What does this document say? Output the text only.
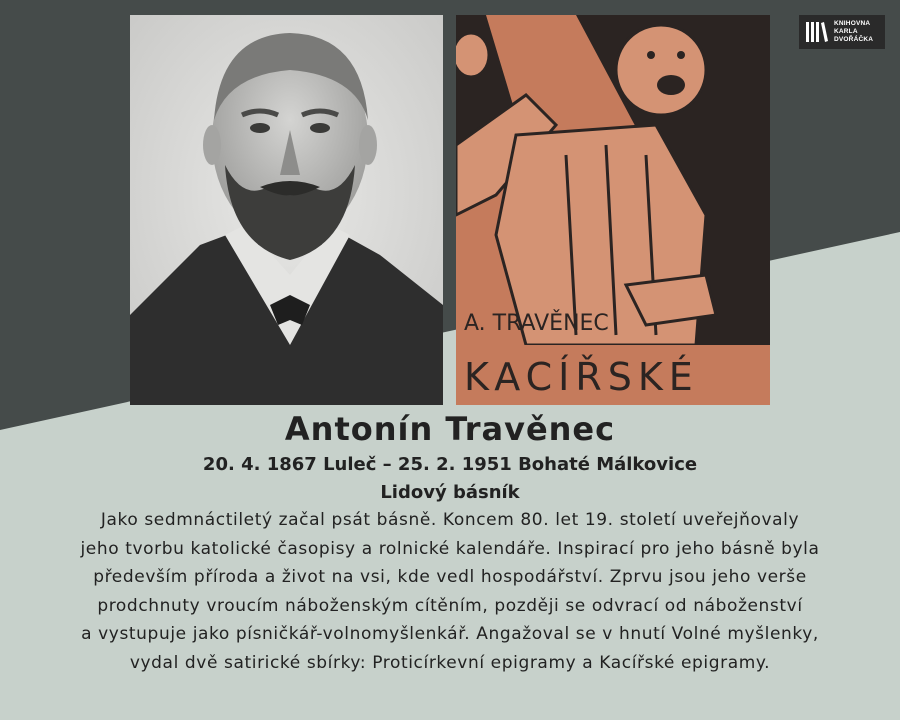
A. TRAVĚNEC
KACÍŘSKÉ
KNIHOVNA
KARLA
DVOŘÁČKA
Antonín Travěnec
20. 4. 1867 Luleč – 25. 2. 1951 Bohaté Málkovice
Lidový básník
Jako sedmnáctiletý začal psát básně. Koncem 80. let 19. století uveřejňovaly
jeho tvorbu katolické časopisy a rolnické kalendáře. Inspirací pro jeho básně byla
především příroda a život na vsi, kde vedl hospodářství. Zprvu jsou jeho verše
prodchnuty vroucím náboženským cítěním, později se odvrací od náboženství
a vystupuje jako písničkář-volnomyšlenkář. Angažoval se v hnutí Volné myšlenky,
vydal dvě satirické sbírky: Proticírkevní epigramy a Kacířské epigramy.
